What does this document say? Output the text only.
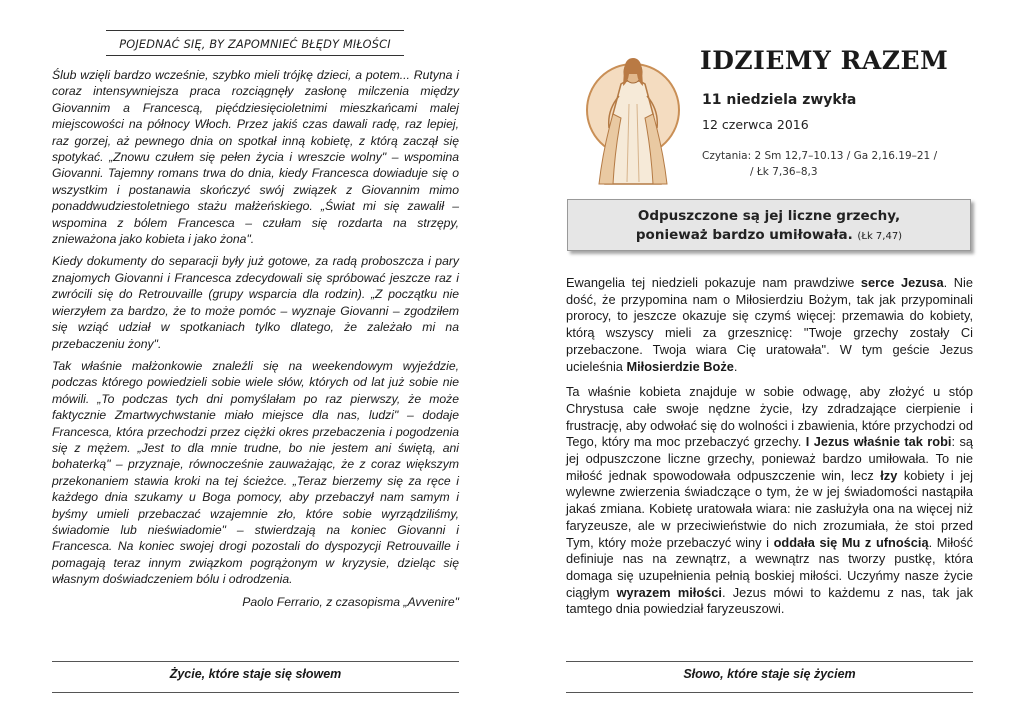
POJEDNAĆ SIĘ, BY ZAPOMNIEĆ BŁĘDY MIŁOŚCI

Ślub wzięli bardzo wcześnie, szybko mieli trójkę dzieci, a potem... Rutyna i coraz intensywniejsza praca rozciągnęły zasłonę milczenia między Giovannim a Francescą, pięćdziesięcioletnimi mieszkańcami malej miejscowości na północy Włoch. Przez jakiś czas dawali radę, raz lepiej, raz gorzej, aż pewnego dnia on spotkał inną kobietę, z którą zaczął się spotykać. „Znowu czułem się pełen życia i wreszcie wolny" – wspomina Giovanni. Tajemny romans trwa do dnia, kiedy Francesca dowiaduje się o wszystkim i postanawia skończyć swój związek z Giovannim mimo ponaddwudziestoletniego stażu małżeńskiego. „Świat mi się zawalił – wspomina z bólem Francesca – czułam się rozdarta na strzępy, znieważona jako kobieta i jako żona".

Kiedy dokumenty do separacji były już gotowe, za radą proboszcza i pary znajomych Giovanni i Francesca zdecydowali się spróbować jeszcze raz i zwrócili się do Retrouvaille (grupy wsparcia dla rodzin). „Z początku nie wierzyłem za bardzo, że to może pomóc – wyznaje Giovanni – zgodziłem się wziąć udział w spotkaniach tylko dlatego, że zależało mi na przebaczeniu żony".

Tak właśnie małżonkowie znaleźli się na weekendowym wyjeździe, podczas którego powiedzieli sobie wiele słów, których od lat już sobie nie mówili. „To podczas tych dni pomyślałam po raz pierwszy, że może faktycznie Zmartwychwstanie miało miejsce dla nas, ludzi" – dodaje Francesca, która przechodzi przez ciężki okres przebaczenia i pogodzenia się z mężem. „Jest to dla mnie trudne, bo nie jestem ani świętą, ani bohaterką" – przyznaje, równocześnie zauważając, że z coraz większym przekonaniem stawia kroki na tej ścieżce. „Teraz bierzemy się za ręce i każdego dnia szukamy u Boga pomocy, aby przebaczył nam samym i byśmy umieli przebaczać wzajemnie zło, które sobie wyrządziliśmy, świadomie lub nieświadomie" – stwierdzają na koniec Giovanni i Francesca. Na koniec swojej drogi pozostali do dyspozycji Retrouvaille i pomagają teraz innym związkom pogrążonym w kryzysie, dzieląc się własnym doświadczeniem bólu i odrodzenia.

Paolo Ferrario, z czasopisma „Avvenire"

Życie, które staje się słowem
IDZIEMY RAZEM
11 niedziela zwykła
12 czerwca 2016
Czytania: 2 Sm 12,7–10.13 / Ga 2,16.19–21 /
/ Łk 7,36–8,3
Odpuszczone są jej liczne grzechy,
ponieważ bardzo umiłowała. (Łk 7,47)

Ewangelia tej niedzieli pokazuje nam prawdziwe serce Jezusa. Nie dość, że przypomina nam o Miłosierdziu Bożym, tak jak przypominali prorocy, to jeszcze okazuje się czymś więcej: przemawia do kobiety, którą wszyscy mieli za grzesznicę: "Twoje grzechy zostały Ci przebaczone. Twoja wiara Cię uratowała". W tym geście Jezus ucieleśnia Miłosierdzie Boże.

Ta właśnie kobieta znajduje w sobie odwagę, aby złożyć u stóp Chrystusa całe swoje nędzne życie, łzy zdradzające cierpienie i frustrację, aby odwołać się do wolności i zbawienia, które przychodzi od Tego, który ma moc przebaczyć grzechy. I Jezus właśnie tak robi: są jej odpuszczone liczne grzechy, ponieważ bardzo umiłowała. To nie miłość jednak spowodowała odpuszczenie win, lecz łzy kobiety i jej wylewne zwierzenia świadczące o tym, że w jej świadomości nastąpiła jakaś zmiana. Kobietę uratowała wiara: nie zasłużyła ona na więcej niż faryzeusze, ale w przeciwieństwie do nich zrozumiała, że stoi przed Tym, który może przebaczyć winy i oddała się Mu z ufnością. Miłość definiuje nas na zewnątrz, a wewnątrz nas tworzy pustkę, która domaga się uzupełnienia pełnią boskiej miłości. Uczyńmy nasze życie ciągłym wyrazem miłości. Jezus mówi to każdemu z nas, tak jak tamtego dnia powiedział faryzeuszowi.

Słowo, które staje się życiem
